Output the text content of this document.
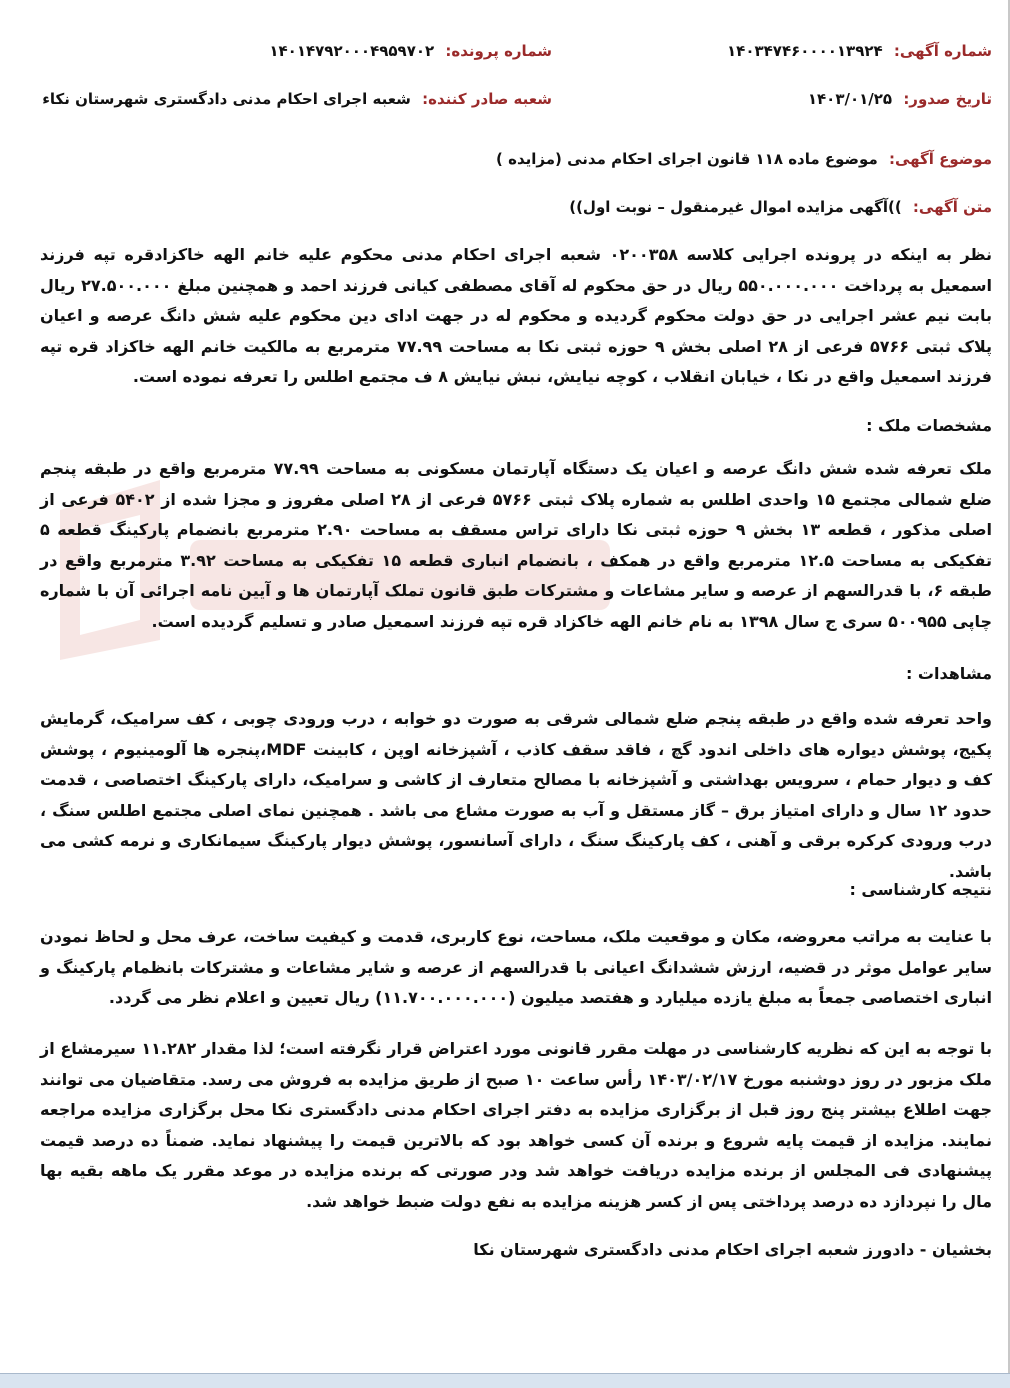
شماره آگهی: ۱۴۰۳۴۷۴۶۰۰۰۰۱۳۹۲۴
شماره پرونده: ۱۴۰۱۴۷۹۲۰۰۰۴۹۵۹۷۰۲
تاریخ صدور: ۱۴۰۳/۰۱/۲۵
شعبه صادر کننده: شعبه اجرای احکام مدنی دادگستری شهرستان نکاء
موضوع آگهی: موضوع ماده ۱۱۸ قانون اجرای احکام مدنی (مزایده )
متن آگهی: ))آگهی مزایده اموال غیرمنقول – نوبت اول))
نظر به اینکه در پرونده اجرایی کلاسه ۰۲۰۰۳۵۸ شعبه اجرای احکام مدنی محکوم علیه خانم الهه خاکزادقره تپه فرزند اسمعیل به پرداخت ۵۵۰.۰۰۰.۰۰۰ ریال در حق محکوم له آقای مصطفی کیانی فرزند احمد و همچنین مبلغ ۲۷.۵۰۰.۰۰۰ ریال بابت نیم عشر اجرایی در حق دولت محکوم گردیده و محکوم له در جهت ادای دین محکوم علیه شش دانگ عرصه و اعیان پلاک ثبتی ۵۷۶۶ فرعی از ۲۸ اصلی بخش ۹ حوزه ثبتی نکا به مساحت ۷۷.۹۹ مترمربع به مالکیت خانم الهه خاکزاد قره تپه فرزند اسمعیل واقع در نکا ، خیابان انقلاب ، کوچه نیایش، نبش نیایش ۸ ف مجتمع اطلس را تعرفه نموده است.
مشخصات ملک :
ملک تعرفه شده شش دانگ عرصه و اعیان یک دستگاه آپارتمان مسکونی به مساحت ۷۷.۹۹ مترمربع واقع در طبقه پنجم ضلع شمالی مجتمع ۱۵ واحدی اطلس به شماره پلاک ثبتی ۵۷۶۶ فرعی از ۲۸ اصلی مفروز و مجزا شده از ۵۴۰۲ فرعی از اصلی مذکور ، قطعه ۱۳ بخش ۹ حوزه ثبتی نکا دارای تراس مسقف به مساحت ۲.۹۰ مترمربع بانضمام پارکینگ قطعه ۵ تفکیکی به مساحت ۱۲.۵ مترمربع واقع در همکف ، بانضمام انباری قطعه ۱۵ تفکیکی به مساحت ۳.۹۲ مترمربع واقع در طبقه ۶، با قدرالسهم از عرصه و سایر مشاعات و مشترکات طبق قانون تملک آپارتمان ها و آیین نامه اجرائی آن با شماره چاپی ۵۰۰۹۵۵ سری ج سال ۱۳۹۸ به نام خانم الهه خاکزاد قره تپه فرزند اسمعیل صادر و تسلیم گردیده است.
مشاهدات :
واحد تعرفه شده واقع در طبقه پنجم ضلع شمالی شرقی به صورت دو خوابه ، درب ورودی چوبی ، کف سرامیک، گرمایش پکیج، پوشش دیواره های داخلی اندود گچ ، فاقد سقف کاذب ، آشپزخانه اوپن ، کابینت MDF،پنجره ها آلومینیوم ، پوشش کف و دیوار حمام ، سرویس بهداشتی و آشپزخانه با مصالح متعارف از کاشی و سرامیک، دارای پارکینگ اختصاصی ، قدمت حدود ۱۲ سال و دارای امتیاز برق – گاز مستقل و آب به صورت مشاع می باشد . همچنین نمای اصلی مجتمع اطلس سنگ ، درب ورودی کرکره برقی و آهنی ، کف پارکینگ سنگ ، دارای آسانسور، پوشش دیوار پارکینگ سیمانکاری و نرمه کشی می باشد.
نتیجه کارشناسی :
با عنایت به مراتب معروضه، مکان و موقعیت ملک، مساحت، نوع کاربری، قدمت و کیفیت ساخت، عرف محل و لحاظ نمودن سایر عوامل موثر در قضیه، ارزش ششدانگ اعیانی با قدرالسهم از عرصه و شایر مشاعات و مشترکات بانظمام پارکینگ و انباری اختصاصی جمعاً به مبلغ یازده میلیارد و هفتصد میلیون (۱۱.۷۰۰.۰۰۰.۰۰۰) ریال تعیین و اعلام نظر می گردد.
با توجه به این که نظریه کارشناسی در مهلت مقرر قانونی مورد اعتراض قرار نگرفته است؛ لذا مقدار ۱۱.۲۸۲ سیرمشاع از ملک مزبور در روز دوشنبه مورخ ۱۴۰۳/۰۲/۱۷ رأس ساعت ۱۰ صبح از طریق مزایده به فروش می رسد. متقاضیان می توانند جهت اطلاع بیشتر پنج روز قبل از برگزاری مزایده به دفتر اجرای احکام مدنی دادگستری نکا محل برگزاری مزایده مراجعه نمایند. مزایده از قیمت پایه شروع و برنده آن کسی خواهد بود که بالاترین قیمت را پیشنهاد نماید. ضمناً ده درصد قیمت پیشنهادی فی المجلس از برنده مزایده دریافت خواهد شد ودر صورتی که برنده مزایده در موعد مقرر یک ماهه بقیه بها مال را نپردازد ده درصد پرداختی پس از کسر هزینه مزایده به نفع دولت ضبط خواهد شد.
بخشیان - دادورز شعبه اجرای احکام مدنی دادگستری شهرستان نکا
